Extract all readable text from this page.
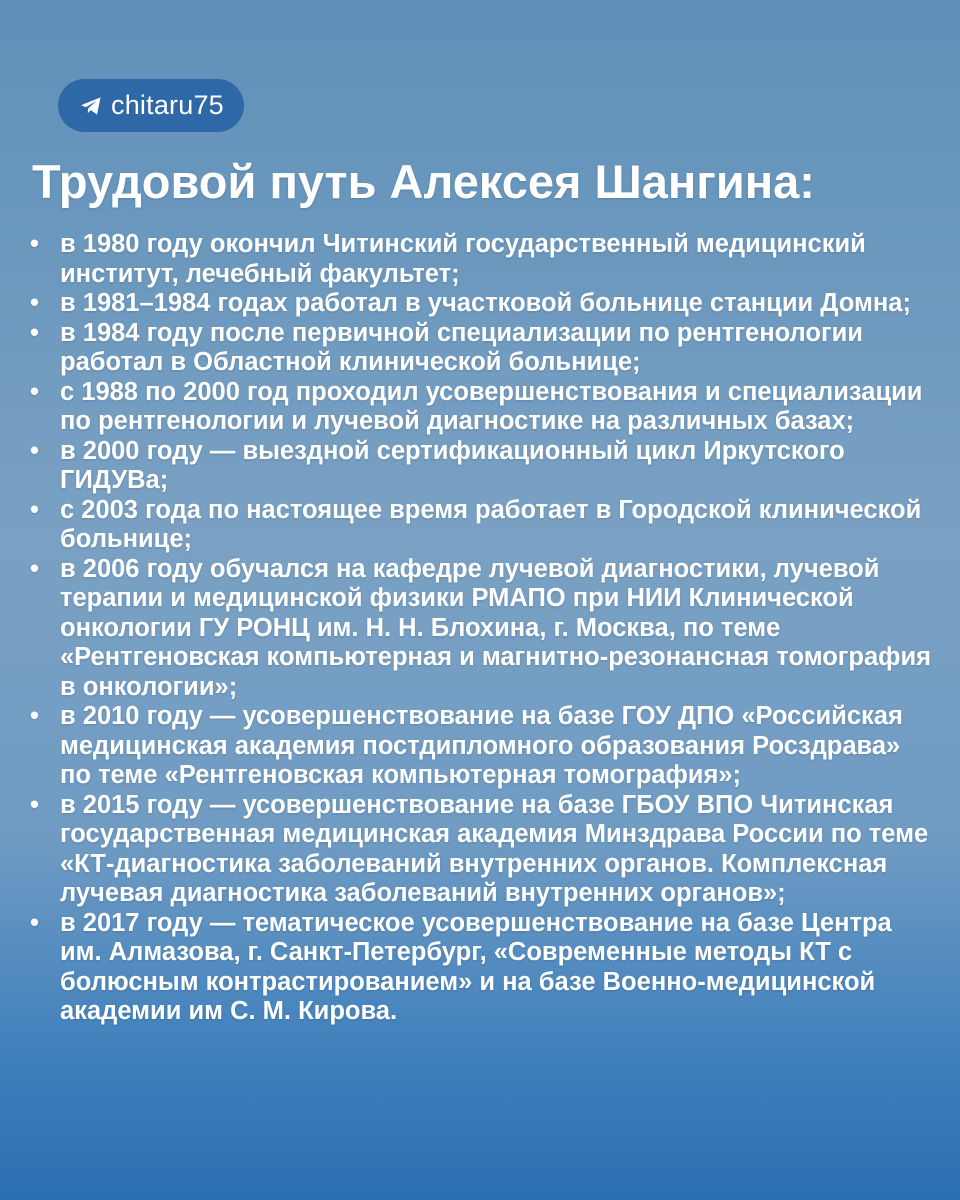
chitaru75
Трудовой путь Алексея Шангина:
• в 1980 году окончил Читинский государственный медицинский институт, лечебный факультет;
• в 1981–1984 годах работал в участковой больнице станции Домна;
• в 1984 году после первичной специализации по рентгенологии работал в Областной клинической больнице;
• с 1988 по 2000 год проходил усовершенствования и специализации по рентгенологии и лучевой диагностике на различных базах;
• в 2000 году — выездной сертификационный цикл Иркутского ГИДУВа;
• с 2003 года по настоящее время работает в Городской клинической больнице;
• в 2006 году обучался на кафедре лучевой диагностики, лучевой терапии и медицинской физики РМАПО при НИИ Клинической онкологии ГУ РОНЦ им. Н. Н. Блохина, г. Москва, по теме «Рентгеновская компьютерная и магнитно-резонансная томография в онкологии»;
• в 2010 году — усовершенствование на базе ГОУ ДПО «Российская медицинская академия постдипломного образования Росздрава» по теме «Рентгеновская компьютерная томография»;
• в 2015 году — усовершенствование на базе ГБОУ ВПО Читинская государственная медицинская академия Минздрава России по теме «КТ-диагностика заболеваний внутренних органов. Комплексная лучевая диагностика заболеваний внутренних органов»;
• в 2017 году — тематическое усовершенствование на базе Центра им. Алмазова, г. Санкт-Петербург, «Современные методы КТ с болюсным контрастированием» и на базе Военно-медицинской академии им С. М. Кирова.
